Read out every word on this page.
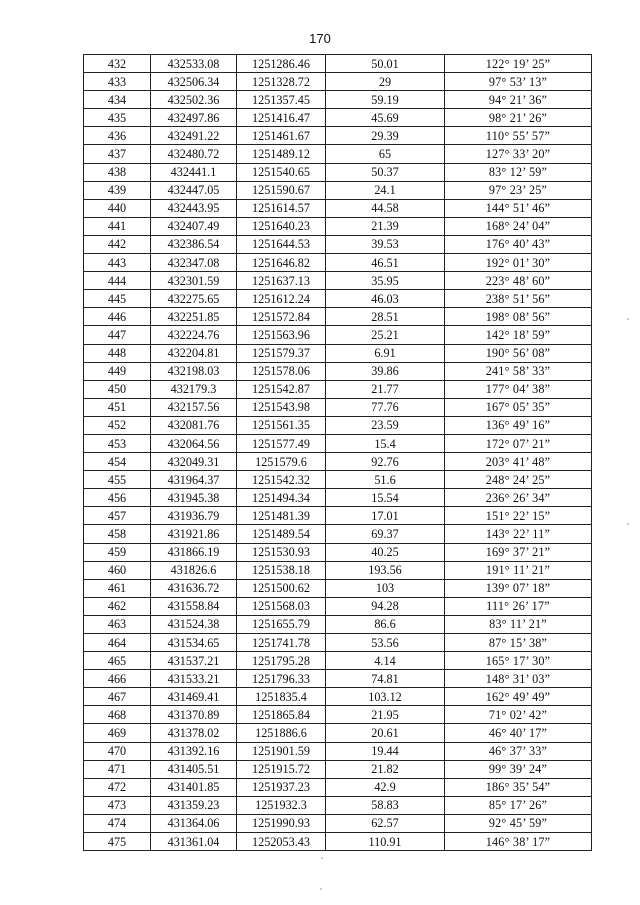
170
432	432533.08	1251286.46	50.01	122° 19’ 25”
433	432506.34	1251328.72	29	97° 53’ 13”
434	432502.36	1251357.45	59.19	94° 21’ 36”
435	432497.86	1251416.47	45.69	98° 21’ 26”
436	432491.22	1251461.67	29.39	110° 55’ 57”
437	432480.72	1251489.12	65	127° 33’ 20”
438	432441.1	1251540.65	50.37	83° 12’ 59”
439	432447.05	1251590.67	24.1	97° 23’ 25”
440	432443.95	1251614.57	44.58	144° 51’ 46”
441	432407.49	1251640.23	21.39	168° 24’ 04”
442	432386.54	1251644.53	39.53	176° 40’ 43”
443	432347.08	1251646.82	46.51	192° 01’ 30”
444	432301.59	1251637.13	35.95	223° 48’ 60”
445	432275.65	1251612.24	46.03	238° 51’ 56”
446	432251.85	1251572.84	28.51	198° 08’ 56”
447	432224.76	1251563.96	25.21	142° 18’ 59”
448	432204.81	1251579.37	6.91	190° 56’ 08”
449	432198.03	1251578.06	39.86	241° 58’ 33”
450	432179.3	1251542.87	21.77	177° 04’ 38”
451	432157.56	1251543.98	77.76	167° 05’ 35”
452	432081.76	1251561.35	23.59	136° 49’ 16”
453	432064.56	1251577.49	15.4	172° 07’ 21”
454	432049.31	1251579.6	92.76	203° 41’ 48”
455	431964.37	1251542.32	51.6	248° 24’ 25”
456	431945.38	1251494.34	15.54	236° 26’ 34”
457	431936.79	1251481.39	17.01	151° 22’ 15”
458	431921.86	1251489.54	69.37	143° 22’ 11”
459	431866.19	1251530.93	40.25	169° 37’ 21”
460	431826.6	1251538.18	193.56	191° 11’ 21”
461	431636.72	1251500.62	103	139° 07’ 18”
462	431558.84	1251568.03	94.28	111° 26’ 17”
463	431524.38	1251655.79	86.6	83° 11’ 21”
464	431534.65	1251741.78	53.56	87° 15’ 38”
465	431537.21	1251795.28	4.14	165° 17’ 30”
466	431533.21	1251796.33	74.81	148° 31’ 03”
467	431469.41	1251835.4	103.12	162° 49’ 49”
468	431370.89	1251865.84	21.95	71° 02’ 42”
469	431378.02	1251886.6	20.61	46° 40’ 17”
470	431392.16	1251901.59	19.44	46° 37’ 33”
471	431405.51	1251915.72	21.82	99° 39’ 24”
472	431401.85	1251937.23	42.9	186° 35’ 54”
473	431359.23	1251932.3	58.83	85° 17’ 26”
474	431364.06	1251990.93	62.57	92° 45’ 59”
475	431361.04	1252053.43	110.91	146° 38’ 17”
